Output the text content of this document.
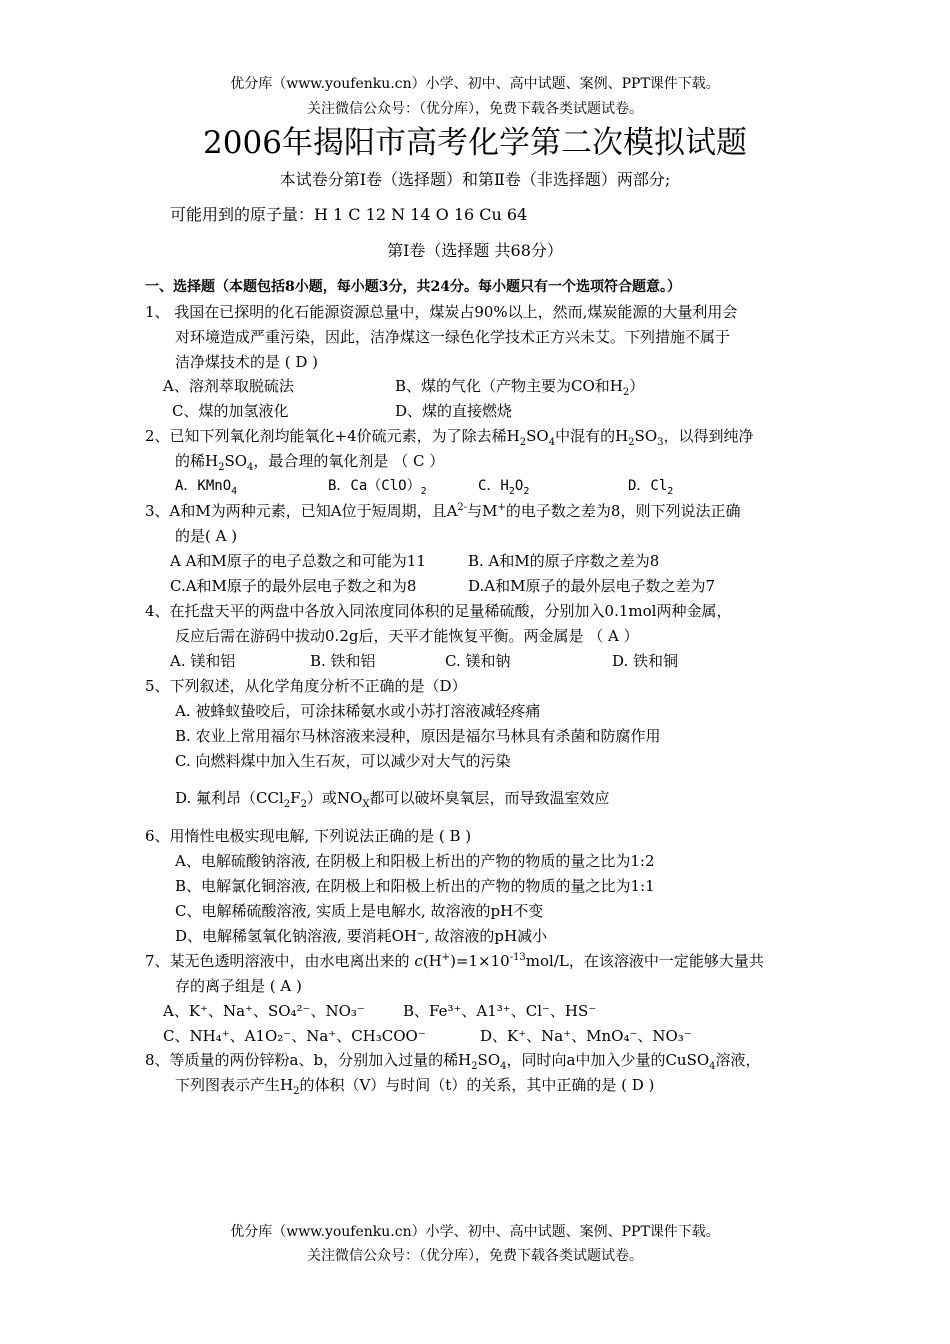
优分库（www.youfenku.cn）小学、初中、高中试题、案例、PPT课件下载。
关注微信公众号：（优分库），免费下载各类试题试卷。
2006年揭阳市高考化学第二次模拟试题
本试卷分第Ⅰ卷（选择题）和第Ⅱ卷（非选择题）两部分;
可能用到的原子量：H 1 C 12 N 14 O 16 Cu 64
第Ⅰ卷（选择题 共68分）
一、选择题（本题包括8小题，每小题3分，共24分。每小题只有一个选项符合题意。）
1、 我国在已探明的化石能源资源总量中，煤炭占90%以上，然而,煤炭能源的大量利用会
对环境造成严重污染，因此，洁净煤这一绿色化学技术正方兴未艾。下列措施不属于
洁净煤技术的是 ( D )
A、溶剂萃取脱硫法	B、煤的气化（产物主要为CO和$H_2$）
C、煤的加氢液化	D、煤的直接燃烧
2、已知下列氧化剂均能氧化+4价硫元素，为了除去稀$H_2SO_4$中混有的$H_2SO_3$，以得到纯净
的稀$H_2SO_4$，最合理的氧化剂是 （ C ）
A．KMnO$_4$	B．$Ca(ClO)_2$	C．$H_2O_2$	D．$Cl_2$
3、A和M为两种元素，已知A位于短周期，且$A^{2-}$与M+的电子数之差为8，则下列说法正确
的是( A )
A A和M原子的电子总数之和可能为11	B. A和M的原子序数之差为8
C.A和M原子的最外层电子数之和为8	D.A和M原子的最外层电子数之差为7
4、在托盘天平的两盘中各放入同浓度同体积的足量稀硫酸，分别加入0.1mol两种金属，
反应后需在游码中拔动0.2g后，天平才能恢复平衡。两金属是 （ A ）
A. 镁和铝	B. 铁和铝	C. 镁和钠	D. 铁和铜
5、下列叙述，从化学角度分析不正确的是（D）
A. 被蜂蚁蛰咬后，可涂抹稀氨水或小苏打溶液减轻疼痛
B. 农业上常用福尔马林溶液来浸种，原因是福尔马林具有杀菌和防腐作用
C. 向燃料煤中加入生石灰，可以减少对大气的污染
D. 氟利昂$(CCl_2F_2)$或$NO_X$都可以破坏臭氧层，而导致温室效应
6、用惰性电极实现电解, 下列说法正确的是 ( B )
A、电解硫酸钠溶液, 在阴极上和阳极上析出的产物的物质的量之比为1:2
B、电解氯化铜溶液, 在阴极上和阳极上析出的产物的物质的量之比为1:1
C、电解稀硫酸溶液, 实质上是电解水, 故溶液的pH不变
D、电解稀氢氧化钠溶液, 要消耗OH⁻, 故溶液的pH减小
7、某无色透明溶液中，由水电离出来的 $c(H^+)=1\times 10^{-13}mol/L$，在该溶液中一定能够大量共
存的离子组是 ( A )
A、K⁺、Na⁺、SO₄²⁻、NO₃⁻	B、Fe³⁺、A1³⁺、Cl⁻、HS⁻
C、NH₄⁺、A1O₂⁻、Na⁺、CH₃COO⁻	D、K⁺、Na⁺、MnO₄⁻、NO₃⁻
8、等质量的两份锌粉a、b，分别加入过量的稀$H_2SO_4$，同时向a中加入少量的CuSO$_4$溶液，
下列图表示产生$H_2$的体积（V）与时间（t）的关系，其中正确的是 ( D )
优分库（www.youfenku.cn）小学、初中、高中试题、案例、PPT课件下载。
关注微信公众号：（优分库），免费下载各类试题试卷。
